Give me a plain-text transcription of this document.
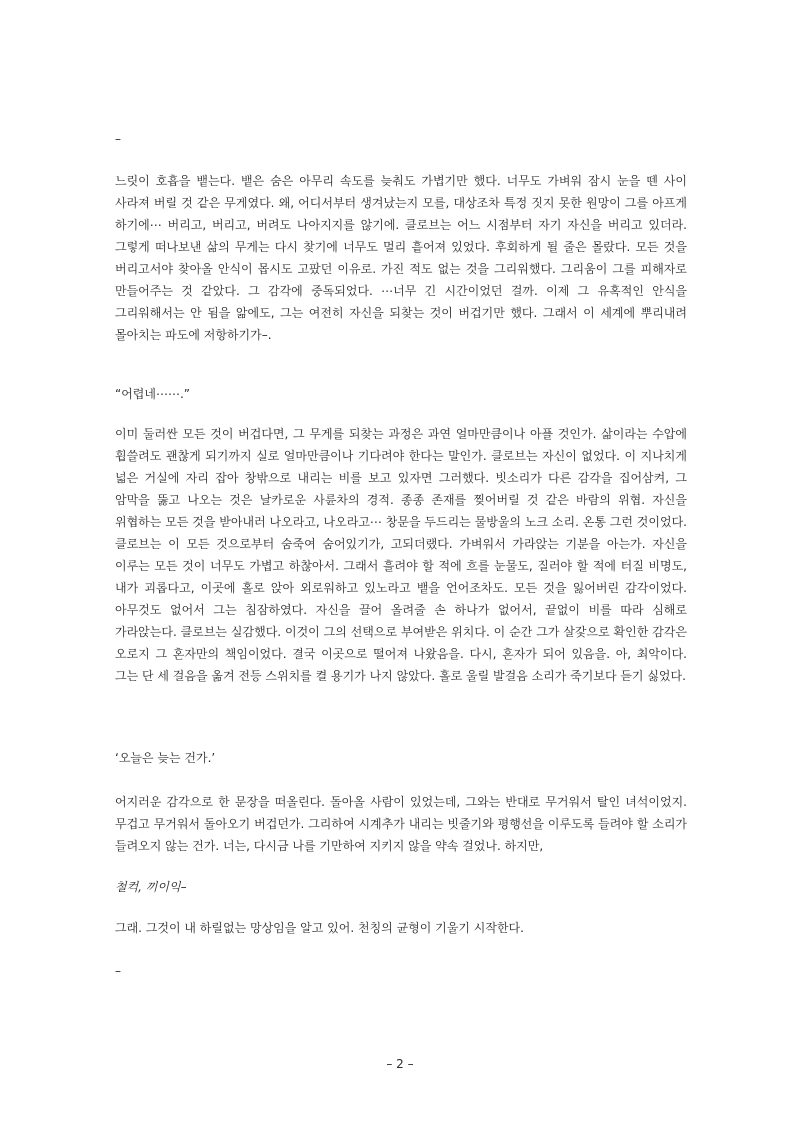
–

느릿이 호흡을 뱉는다. 뱉은 숨은 아무리 속도를 늦춰도 가볍기만 했다. 너무도 가벼워 잠시 눈을 뗀 사이 사라져 버릴 것 같은 무게였다. 왜, 어디서부터 생겨났는지 모를, 대상조차 특정 짓지 못한 원망이 그를 아프게 하기에⋯ 버리고, 버리고, 버려도 나아지지를 않기에. 클로브는 어느 시점부터 자기 자신을 버리고 있더라. 그렇게 떠나보낸 삶의 무게는 다시 찾기에 너무도 멀리 흩어져 있었다. 후회하게 될 줄은 몰랐다. 모든 것을 버리고서야 찾아올 안식이 몹시도 고팠던 이유로. 가진 적도 없는 것을 그리워했다. 그리움이 그를 피해자로 만들어주는 것 같았다. 그 감각에 중독되었다. ⋯너무 긴 시간이었던 걸까. 이제 그 유혹적인 안식을 그리워해서는 안 됨을 앎에도, 그는 여전히 자신을 되찾는 것이 버겁기만 했다. 그래서 이 세계에 뿌리내려 몰아치는 파도에 저항하기가–.

“어렵네⋯⋯.”

이미 둘러싼 모든 것이 버겁다면, 그 무게를 되찾는 과정은 과연 얼마만큼이나 아플 것인가. 삶이라는 수압에 휩쓸려도 괜찮게 되기까지 실로 얼마만큼이나 기다려야 한다는 말인가. 클로브는 자신이 없었다. 이 지나치게 넓은 거실에 자리 잡아 창밖으로 내리는 비를 보고 있자면 그러했다. 빗소리가 다른 감각을 집어삼켜, 그 암막을 뚫고 나오는 것은 날카로운 사륜차의 경적. 종종 존재를 찢어버릴 것 같은 바람의 위협. 자신을 위협하는 모든 것을 받아내러 나오라고, 나오라고⋯ 창문을 두드리는 물방울의 노크 소리. 온통 그런 것이었다. 클로브는 이 모든 것으로부터 숨죽여 숨어있기가, 고되더랬다. 가벼워서 가라앉는 기분을 아는가. 자신을 이루는 모든 것이 너무도 가볍고 하찮아서. 그래서 흘려야 할 적에 흐를 눈물도, 질러야 할 적에 터질 비명도, 내가 괴롭다고, 이곳에 홀로 앉아 외로워하고 있노라고 뱉을 언어조차도. 모든 것을 잃어버린 감각이었다. 아무것도 없어서 그는 침잠하였다. 자신을 끌어 올려줄 손 하나가 없어서, 끝없이 비를 따라 심해로 가라앉는다. 클로브는 실감했다. 이것이 그의 선택으로 부여받은 위치다. 이 순간 그가 살갗으로 확인한 감각은 오로지 그 혼자만의 책임이었다. 결국 이곳으로 떨어져 나왔음을. 다시, 혼자가 되어 있음을. 아, 최악이다. 그는 단 세 걸음을 옮겨 전등 스위치를 켤 용기가 나지 않았다. 홀로 울릴 발걸음 소리가 죽기보다 듣기 싫었다.

‘오늘은 늦는 건가.’

어지러운 감각으로 한 문장을 떠올린다. 돌아올 사람이 있었는데, 그와는 반대로 무거워서 탈인 녀석이었지. 무겁고 무거워서 돌아오기 버겁던가. 그리하여 시계추가 내리는 빗줄기와 평행선을 이루도록 들려야 할 소리가 들려오지 않는 건가. 너는, 다시금 나를 기만하여 지키지 않을 약속 걸었나. 하지만,

철컥, 끼이익–

그래. 그것이 내 하릴없는 망상임을 알고 있어. 천칭의 균형이 기울기 시작한다.

–

– 2 –
